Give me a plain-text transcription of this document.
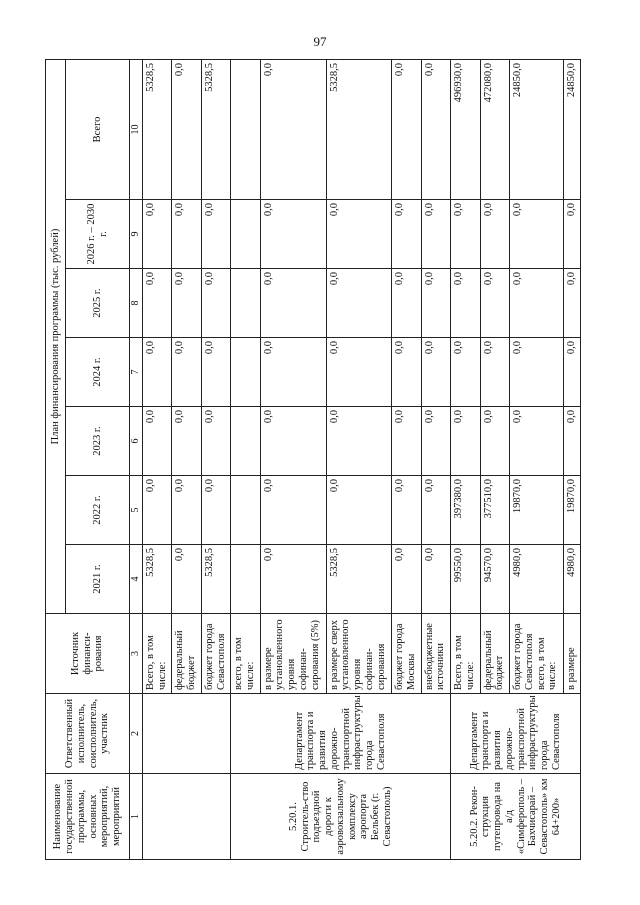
97
Наименование государственной программы, основных мероприятий, мероприятий	Ответственный исполнитель, соисполнитель, участник	Источник финанси-рования	План финансирования программы (тыс. рублей)						
			2021 г.	2022 г.	2023 г.	2024 г.	2025 г.	2026 г. – 2030 г.	Всего
1	2	3	4	5	6	7	8	9	10
		Всего, в том числе:	5328,5	0,0	0,0	0,0	0,0	0,0	5328,5
		федеральный бюджет	0,0	0,0	0,0	0,0	0,0	0,0	0,0
		бюджет города Севастополя	5328,5	0,0	0,0	0,0	0,0	0,0	5328,5
5.20.1. Строитель-ство подъездной дороги к аэровокзальному комплексу аэропорта Бельбек (г. Севастополь)	Департамент транспорта и развития дорожно-транспортной инфраструктуры города Севастополя	всего, в том числе:							
		в размере установленного уровня софинан-сирования (5%)	0,0	0,0	0,0	0,0	0,0	0,0	0,0
		в размере сверх установленного уровня софинан-сирования	5328,5	0,0	0,0	0,0	0,0	0,0	5328,5
		бюджет города Москвы	0,0	0,0	0,0	0,0	0,0	0,0	0,0
		внебюджетные источники	0,0	0,0	0,0	0,0	0,0	0,0	0,0
5.20.2. Рекон-струкция путепровода на а/д «Симферополь – Бахчисарай – Севастополь» км 64+200»	Департамент транспорта и развития дорожно-транспортной инфраструктуры города Севастополя	Всего, в том числе:	99550,0	397380,0	0,0	0,0	0,0	0,0	496930,0
		федеральный бюджет	94570,0	377510,0	0,0	0,0	0,0	0,0	472080,0
		бюджет города Севастополя всего, в том числе:	4980,0	19870,0	0,0	0,0	0,0	0,0	24850,0
		в размере	4980,0	19870,0	0,0	0,0	0,0	0,0	24850,0
